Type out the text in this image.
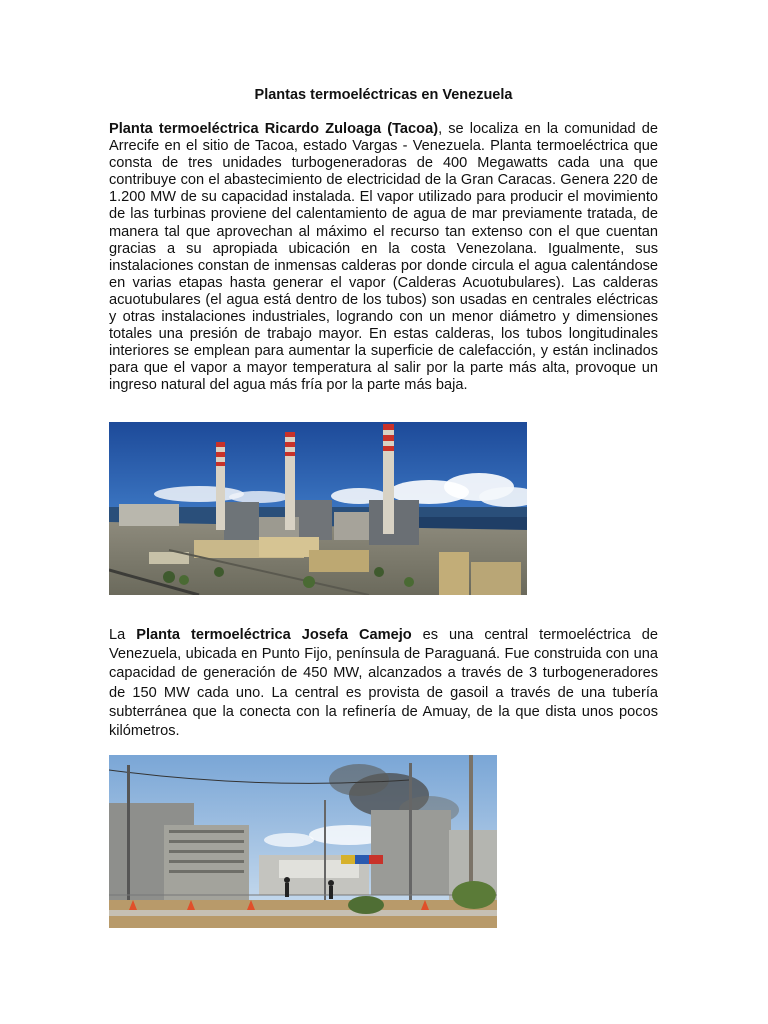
Plantas termoeléctricas en Venezuela

Planta termoeléctrica Ricardo Zuloaga (Tacoa), se localiza en la comunidad de Arrecife en el sitio de Tacoa, estado Vargas - Venezuela. Planta termoeléctrica que consta de tres unidades turbogeneradoras de 400 Megawatts cada una que contribuye con el abastecimiento de electricidad de la Gran Caracas. Genera 220 de 1.200 MW de su capacidad instalada. El vapor utilizado para producir el movimiento de las turbinas proviene del calentamiento de agua de mar previamente tratada, de manera tal que aprovechan al máximo el recurso tan extenso con el que cuentan gracias a su apropiada ubicación en la costa Venezolana. Igualmente, sus instalaciones constan de inmensas calderas por donde circula el agua calentándose en varias etapas hasta generar el vapor (Calderas Acuotubulares). Las calderas acuotubulares (el agua está dentro de los tubos) son usadas en centrales eléctricas y otras instalaciones industriales, logrando con un menor diámetro y dimensiones totales una presión de trabajo mayor. En estas calderas, los tubos longitudinales interiores se emplean para aumentar la superficie de calefacción, y están inclinados para que el vapor a mayor temperatura al salir por la parte más alta, provoque un ingreso natural del agua más fría por la parte más baja.

La Planta termoeléctrica Josefa Camejo es una central termoeléctrica de Venezuela, ubicada en Punto Fijo, península de Paraguaná. Fue construida con una capacidad de generación de 450 MW, alcanzados a través de 3 turbogeneradores de 150 MW cada uno. La central es provista de gasoil a través de una tubería subterránea que la conecta con la refinería de Amuay, de la que dista unos pocos kilómetros.
